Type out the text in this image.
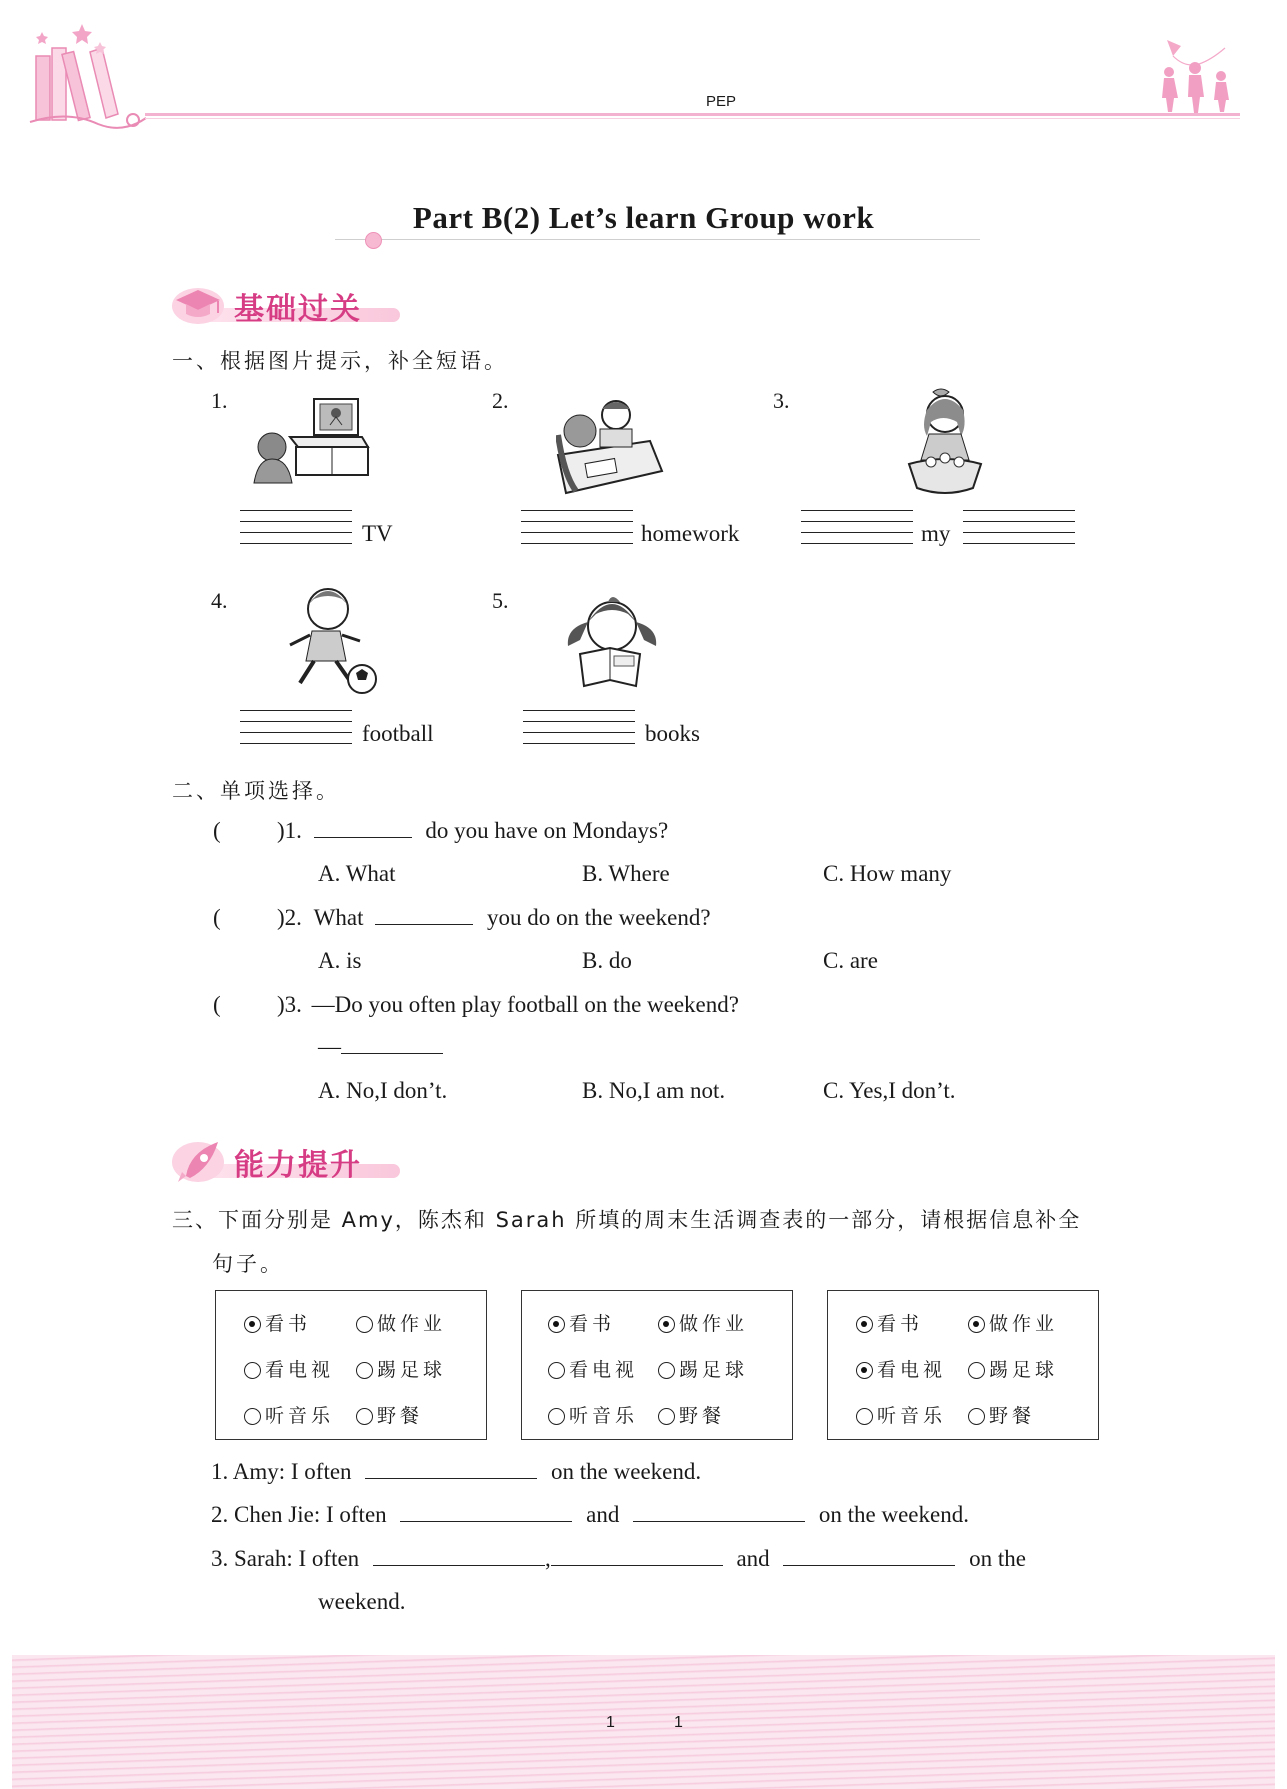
PEP
Part B(2) Let’s learn Group work
基础过关
一、根据图片提示，补全短语。
1.
TV
2.
homework
3.
my
4.
football
5.
books
二、单项选择。
( )1.	do you have on Mondays?
A. What	B. Where	C. How many
( )2. What	you do on the weekend?
A. is	B. do	C. are
( )3. —Do you often play football on the weekend?
—
A. No,I don’t.	B. No,I am not.	C. Yes,I don’t.
能力提升
三、下面分别是 Amy，陈杰和 Sarah 所填的周末生活调查表的一部分，请根据信息补全
句子。
看书	做作业
看电视	踢足球
听音乐	野餐
看书	做作业
看电视	踢足球
听音乐	野餐
看书	做作业
看电视	踢足球
听音乐	野餐
1. Amy: I often	on the weekend.
2. Chen Jie: I often	and	on the weekend.
3. Sarah: I often	,	and	on the
weekend.
1	1
